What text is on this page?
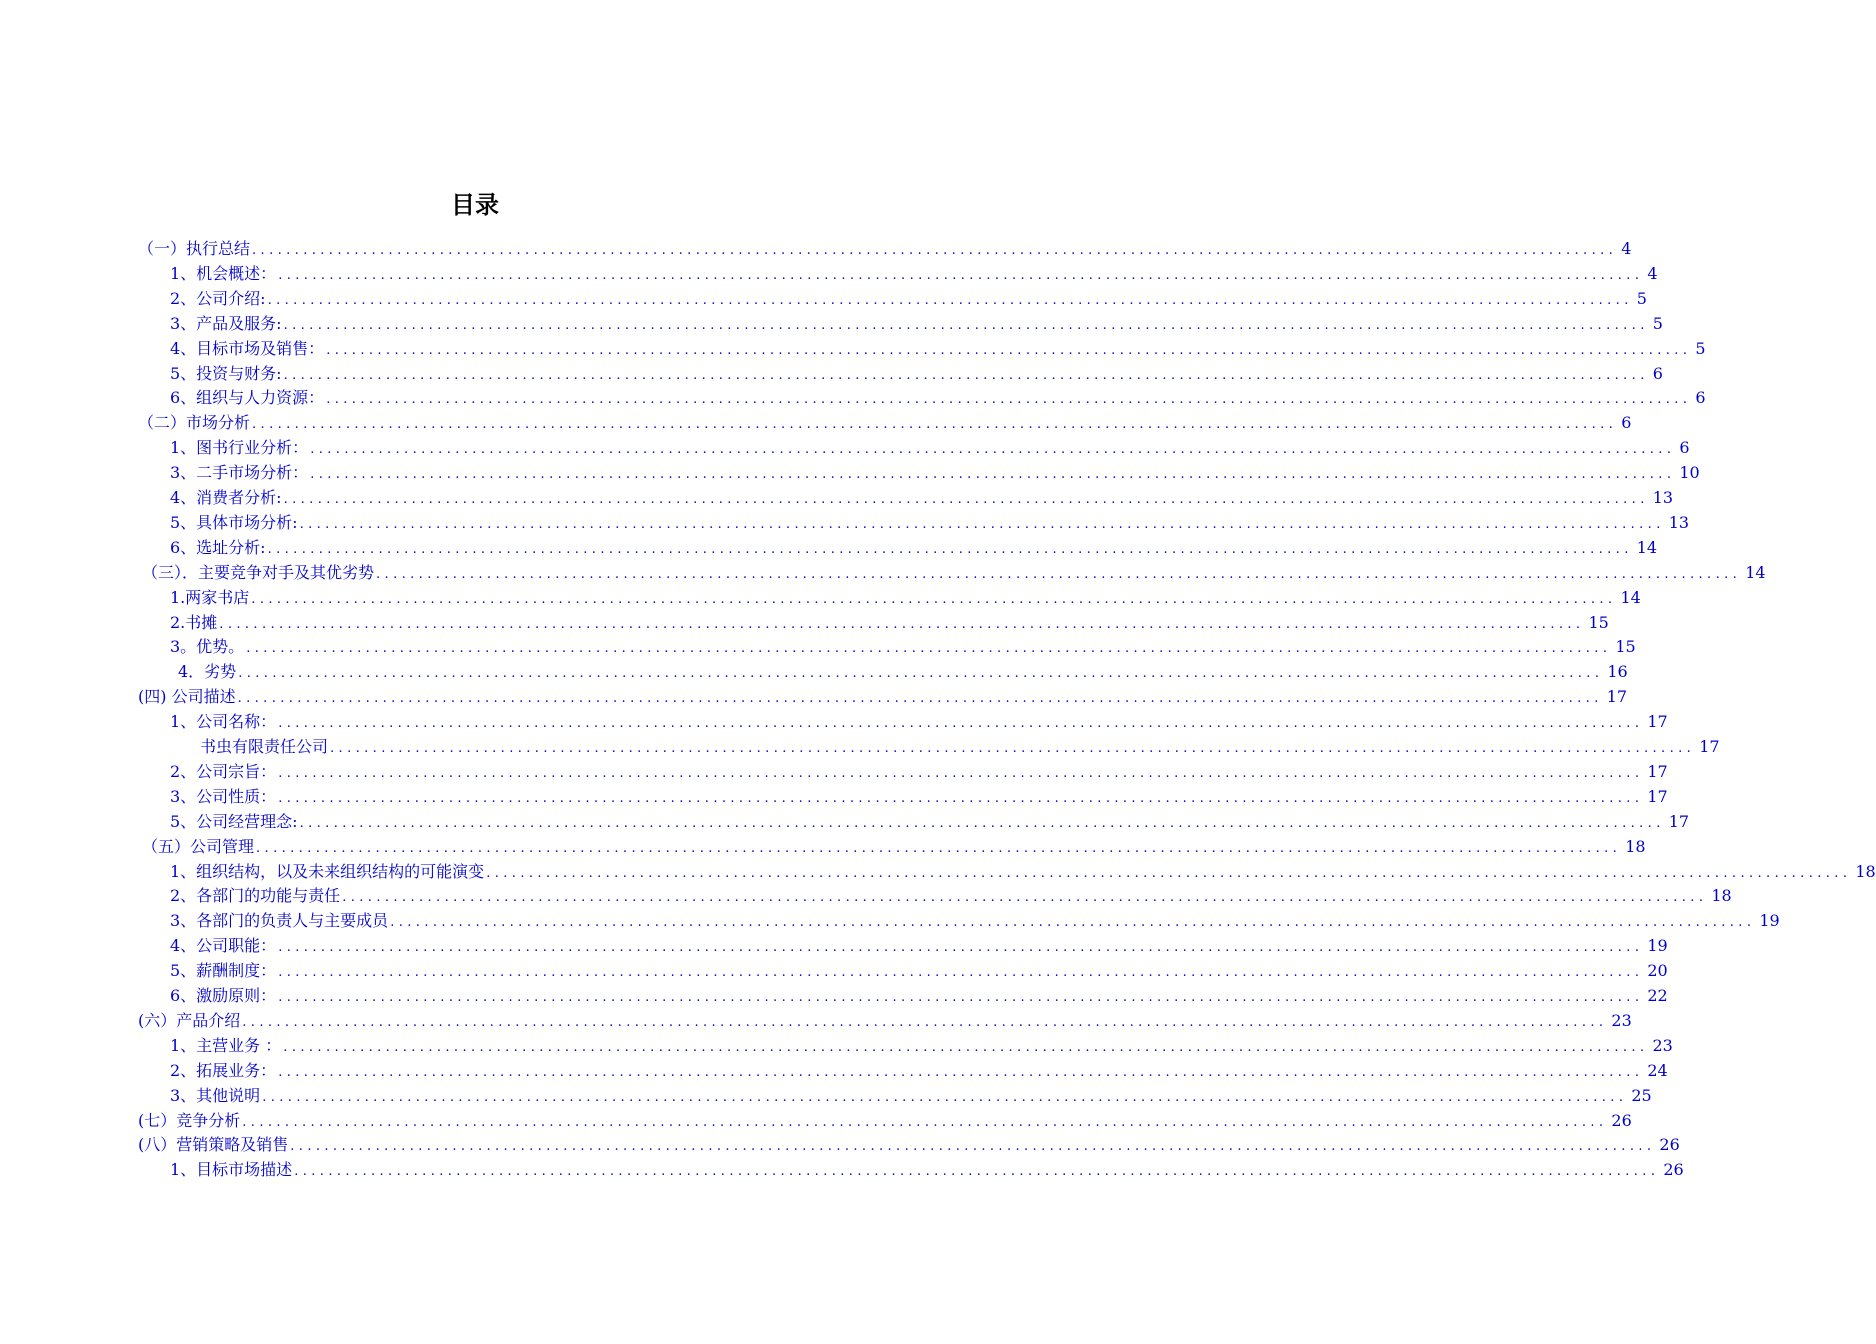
目录
（一）执行总结 ................................................................................................................................................................ 4
1、机会概述： ................................................................................................................................................................ 4
2、公司介绍: ................................................................................................................................................................ 5
3、产品及服务: ................................................................................................................................................................ 5
4、目标市场及销售： ................................................................................................................................................................ 5
5、投资与财务: ................................................................................................................................................................ 6
6、组织与人力资源： ................................................................................................................................................................ 6
（二）市场分析 ................................................................................................................................................................ 6
1、图书行业分析： ................................................................................................................................................................ 6
3、二手市场分析： ................................................................................................................................................................ 10
4、消费者分析: ................................................................................................................................................................ 13
5、具体市场分析: ................................................................................................................................................................ 13
6、选址分析: ................................................................................................................................................................ 14
（三）．主要竞争对手及其优劣势 ................................................................................................................................................................ 14
1.两家书店 ................................................................................................................................................................ 14
2.书摊 ................................................................................................................................................................ 15
3。优势。 ................................................................................................................................................................ 15
4．劣势 ................................................................................................................................................................ 16
(四) 公司描述 ................................................................................................................................................................ 17
1、公司名称： ................................................................................................................................................................ 17
书虫有限责任公司 ................................................................................................................................................................ 17
2、公司宗旨： ................................................................................................................................................................ 17
3、公司性质： ................................................................................................................................................................ 17
5、公司经营理念: ................................................................................................................................................................ 17
（五）公司管理 ................................................................................................................................................................ 18
1、组织结构，以及未来组织结构的可能演变 ................................................................................................................................................................ 18
2、各部门的功能与责任 ................................................................................................................................................................ 18
3、各部门的负责人与主要成员 ................................................................................................................................................................ 19
4、公司职能： ................................................................................................................................................................ 19
5、薪酬制度： ................................................................................................................................................................ 20
6、激励原则： ................................................................................................................................................................ 22
(六）产品介绍 ................................................................................................................................................................ 23
1、主营业务 ： ................................................................................................................................................................ 23
2、拓展业务： ................................................................................................................................................................ 24
3、其他说明 ................................................................................................................................................................ 25
(七）竞争分析 ................................................................................................................................................................ 26
(八）营销策略及销售 ................................................................................................................................................................ 26
1、目标市场描述 ................................................................................................................................................................ 26
